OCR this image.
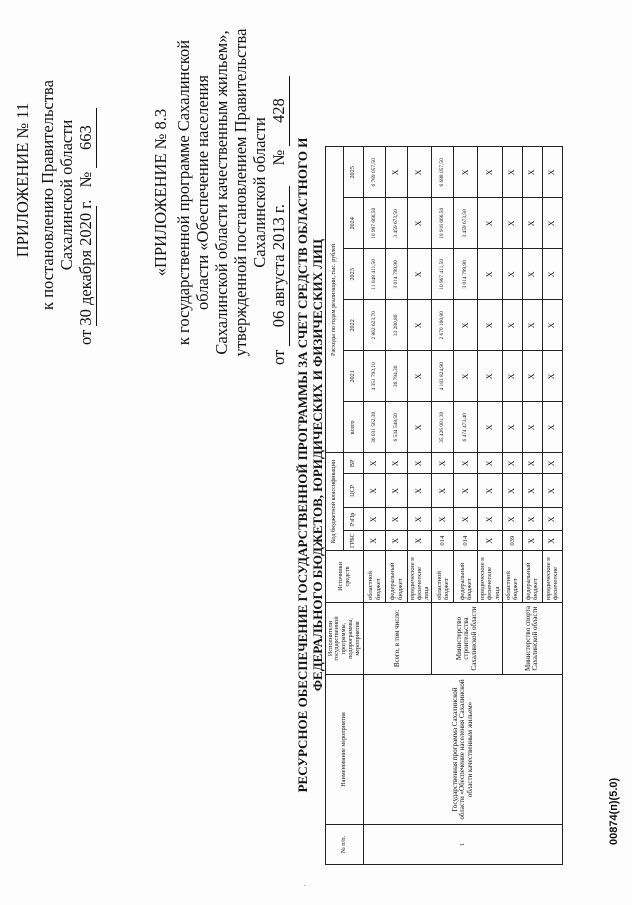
ПРИЛОЖЕНИЕ № 11 к постановлению Правительства Сахалинской области
от 30 декабря 2020 г. № 663	«ПРИЛОЖЕНИЕ № 8.3 к государственной программе Сахалинской области «Обеспечение населения Сахалинской области качественным жильем», утвержденной постановлением Правительства Сахалинской области
от 06 августа 2013 г. № 428
РЕСУРСНОЕ ОБЕСПЕЧЕНИЕ ГОСУДАРСТВЕННОЙ ПРОГРАММЫ ЗА СЧЕТ СРЕДСТВ ОБЛАСТНОГО И ФЕДЕРАЛЬНОГО БЮДЖЕТОВ, ЮРИДИЧЕСКИХ И ФИЗИЧЕСКИХ ЛИЦ
·
№ п/п.	Наименование мероприятия	Исполнители государственной программы, подпрограммы, мероприятия	Источники средств	Код бюджетной классификации				Расходы по годам реализации, тыс. рублей					
				ГРБС	РзПр	ЦСР	ВР	всего	2021	2022	2023	2024	2025
1	Государственная программа Сахалинской области «Обеспечение населения Сахалинской области качественным жильем»	Всего, в том числе:	областной бюджет	X	X	X	X	36 031 562,30	4 351 793,10	2 862 623,70	11 048 411,50	10 997 666,50	6 769 057,50
			федеральный бюджет	X	X	X	X	6 534 548,50	36 794,30	33 280,80	3 014 799,90	3 459 673,50	X
			юридические и физические лица	X	X	X	X	X	X	X	X	X	X
		Министерство строительства Сахалинской области	областной бюджет	014	X	X	X	35 426 001,30	4 183 824,90	2 670 100,80	10 967 411,50	10 916 666,50	6 688 057,50
			федеральный бюджет	014	X	X	X	6 474 473,40	X	X	3 014 799,90	3 459 673,50	X
			юридические и физические лица	X	X	X	X	X	X	X	X	X	X
		Министерство спорта Сахалинской области	областной бюджет	039	X	X	X	X	X	X	X	X	X
			федеральный бюджет	X	X	X	X	X	X	X	X	X	X
			юридические и физические	X	X	X	X	X	X	X	X	X	X
00874(п)(5.0)
